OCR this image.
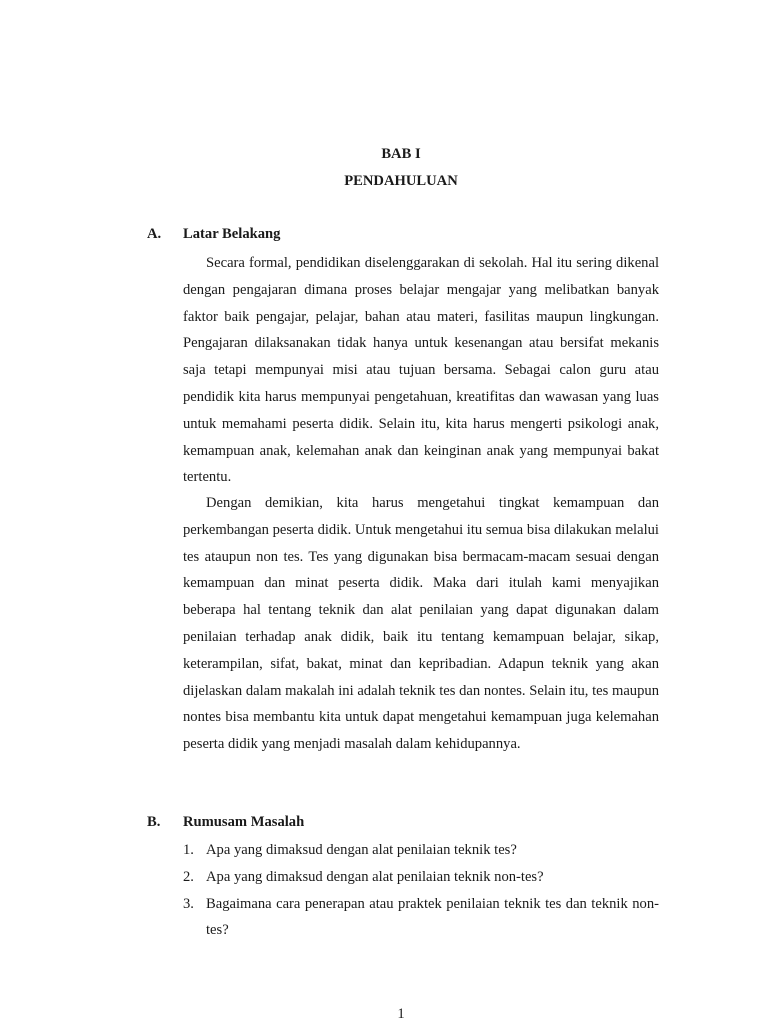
BAB I
PENDAHULUAN
A. Latar Belakang

Secara formal, pendidikan diselenggarakan di sekolah. Hal itu sering dikenal dengan pengajaran dimana proses belajar mengajar yang melibatkan banyak faktor baik pengajar, pelajar, bahan atau materi, fasilitas maupun lingkungan. Pengajaran dilaksanakan tidak hanya untuk kesenangan atau bersifat mekanis saja tetapi mempunyai misi atau tujuan bersama. Sebagai calon guru atau pendidik kita harus mempunyai pengetahuan, kreatifitas dan wawasan yang luas untuk memahami peserta didik. Selain itu, kita harus mengerti psikologi anak, kemampuan anak, kelemahan anak dan keinginan anak yang mempunyai bakat tertentu.

Dengan demikian, kita harus mengetahui tingkat kemampuan dan perkembangan peserta didik. Untuk mengetahui itu semua bisa dilakukan melalui tes ataupun non tes. Tes yang digunakan bisa bermacam-macam sesuai dengan kemampuan dan minat peserta didik. Maka dari itulah kami menyajikan beberapa hal tentang teknik dan alat penilaian yang dapat digunakan dalam penilaian terhadap anak didik, baik itu tentang kemampuan belajar, sikap, keterampilan, sifat, bakat, minat dan kepribadian. Adapun teknik yang akan dijelaskan dalam makalah ini adalah teknik tes dan nontes. Selain itu, tes maupun nontes bisa membantu kita untuk dapat mengetahui kemampuan juga kelemahan peserta didik yang menjadi masalah dalam kehidupannya.

B. Rumusam Masalah
1. Apa yang dimaksud dengan alat penilaian teknik tes?
2. Apa yang dimaksud dengan alat penilaian teknik non-tes?
3. Bagaimana cara penerapan atau praktek penilaian teknik tes dan teknik non-tes?
1
